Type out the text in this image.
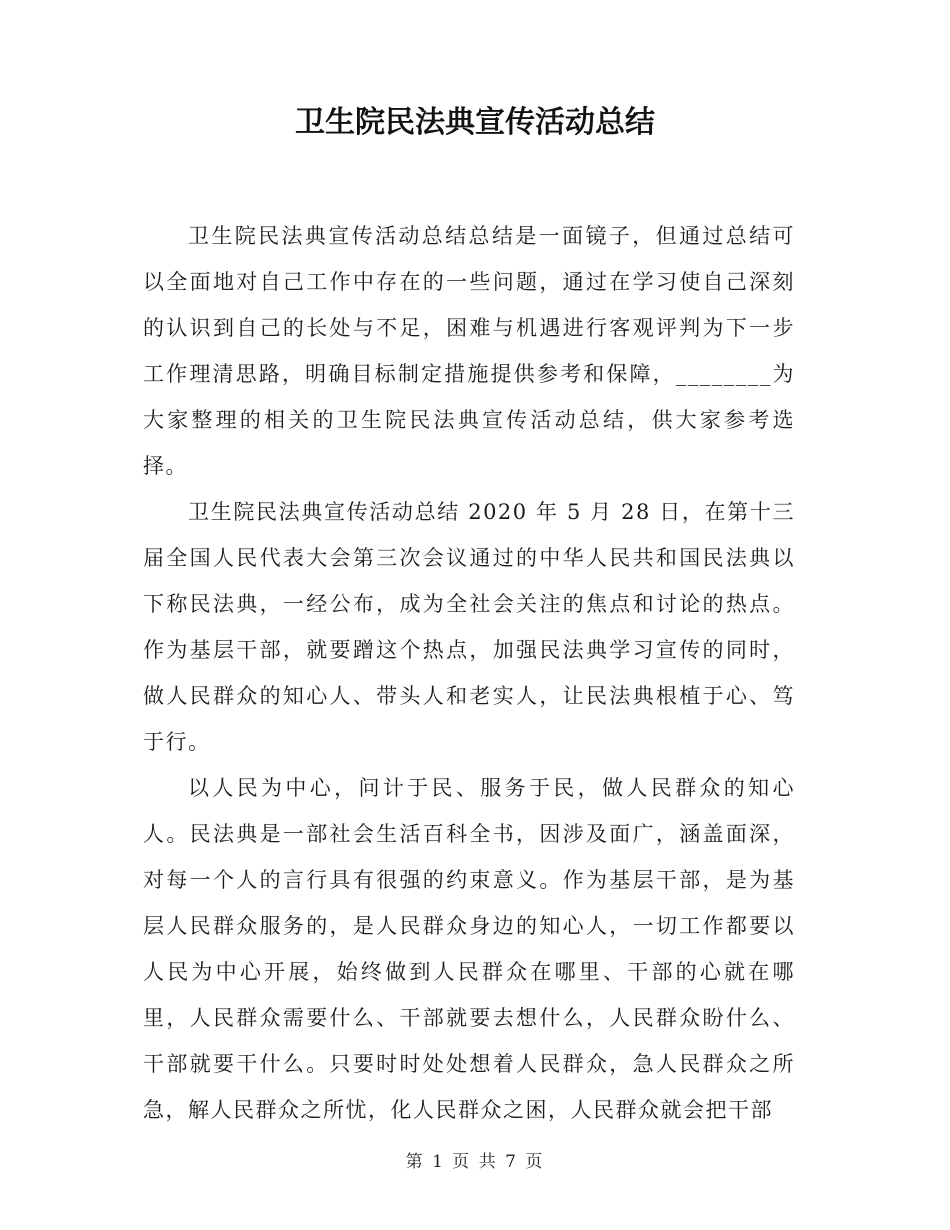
卫生院民法典宣传活动总结

卫生院民法典宣传活动总结总结是一面镜子，但通过总结可以全面地对自己工作中存在的一些问题，通过在学习使自己深刻的认识到自己的长处与不足，困难与机遇进行客观评判为下一步工作理清思路，明确目标制定措施提供参考和保障，________为大家整理的相关的卫生院民法典宣传活动总结，供大家参考选择。

卫生院民法典宣传活动总结 2020 年 5 月 28 日，在第十三届全国人民代表大会第三次会议通过的中华人民共和国民法典以下称民法典，一经公布，成为全社会关注的焦点和讨论的热点。作为基层干部，就要蹭这个热点，加强民法典学习宣传的同时，做人民群众的知心人、带头人和老实人，让民法典根植于心、笃于行。

以人民为中心，问计于民、服务于民，做人民群众的知心人。民法典是一部社会生活百科全书，因涉及面广，涵盖面深，对每一个人的言行具有很强的约束意义。作为基层干部，是为基层人民群众服务的，是人民群众身边的知心人，一切工作都要以人民为中心开展，始终做到人民群众在哪里、干部的心就在哪里，人民群众需要什么、干部就要去想什么，人民群众盼什么、干部就要干什么。只要时时处处想着人民群众，急人民群众之所急，解人民群众之所忧，化人民群众之困，人民群众就会把干部

第 1 页 共 7 页
